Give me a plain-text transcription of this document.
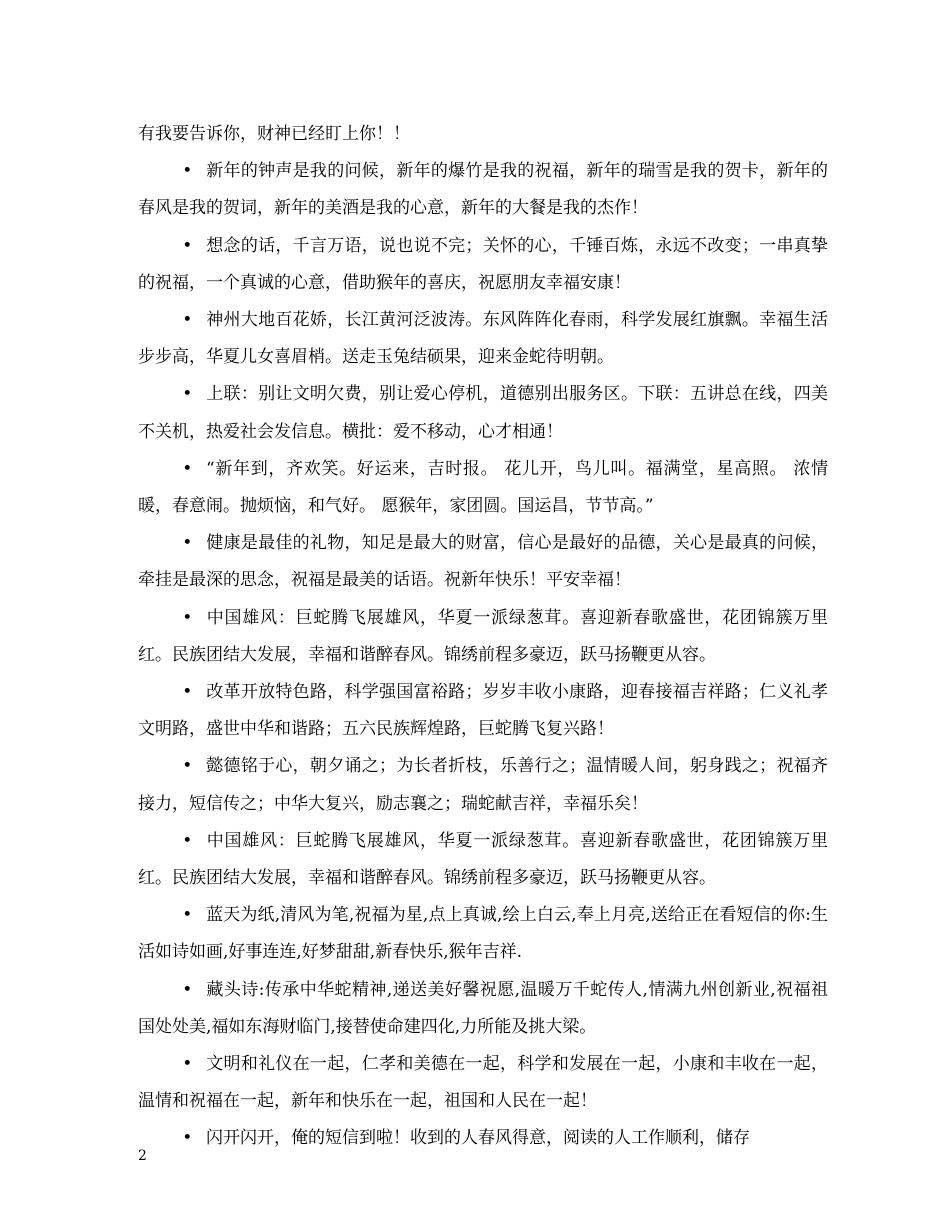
有我要告诉你，财神已经盯上你！！

• 新年的钟声是我的问候，新年的爆竹是我的祝福，新年的瑞雪是我的贺卡，新年的春风是我的贺词，新年的美酒是我的心意，新年的大餐是我的杰作！

• 想念的话，千言万语，说也说不完；关怀的心，千锤百炼，永远不改变；一串真挚的祝福，一个真诚的心意，借助猴年的喜庆，祝愿朋友幸福安康！

• 神州大地百花娇，长江黄河泛波涛。东风阵阵化春雨，科学发展红旗飘。幸福生活步步高，华夏儿女喜眉梢。送走玉兔结硕果，迎来金蛇待明朝。

• 上联：别让文明欠费，别让爱心停机，道德别出服务区。下联：五讲总在线，四美不关机，热爱社会发信息。横批：爱不移动，心才相通！

• “新年到，齐欢笑。好运来，吉时报。 花儿开，鸟儿叫。福满堂，星高照。 浓情暖，春意闹。抛烦恼，和气好。 愿猴年，家团圆。国运昌，节节高。”

• 健康是最佳的礼物，知足是最大的财富，信心是最好的品德，关心是最真的问候，牵挂是最深的思念，祝福是最美的话语。祝新年快乐！平安幸福！

• 中国雄风：巨蛇腾飞展雄风，华夏一派绿葱茸。喜迎新春歌盛世，花团锦簇万里红。民族团结大发展，幸福和谐醉春风。锦绣前程多豪迈，跃马扬鞭更从容。

• 改革开放特色路，科学强国富裕路；岁岁丰收小康路，迎春接福吉祥路；仁义礼孝文明路，盛世中华和谐路；五六民族辉煌路，巨蛇腾飞复兴路！

• 懿德铭于心，朝夕诵之；为长者折枝，乐善行之；温情暖人间，躬身践之；祝福齐接力，短信传之；中华大复兴，励志襄之；瑞蛇献吉祥，幸福乐矣！

• 中国雄风：巨蛇腾飞展雄风，华夏一派绿葱茸。喜迎新春歌盛世，花团锦簇万里红。民族团结大发展，幸福和谐醉春风。锦绣前程多豪迈，跃马扬鞭更从容。

• 蓝天为纸,清风为笔,祝福为星,点上真诚,绘上白云,奉上月亮,送给正在看短信的你:生活如诗如画,好事连连,好梦甜甜,新春快乐,猴年吉祥.

• 藏头诗:传承中华蛇精神,递送美好馨祝愿,温暖万千蛇传人,情满九州创新业,祝福祖国处处美,福如东海财临门,接替使命建四化,力所能及挑大梁。

• 文明和礼仪在一起，仁孝和美德在一起，科学和发展在一起，小康和丰收在一起，温情和祝福在一起，新年和快乐在一起，祖国和人民在一起！

• 闪开闪开，俺的短信到啦！收到的人春风得意，阅读的人工作顺利，储存

2
